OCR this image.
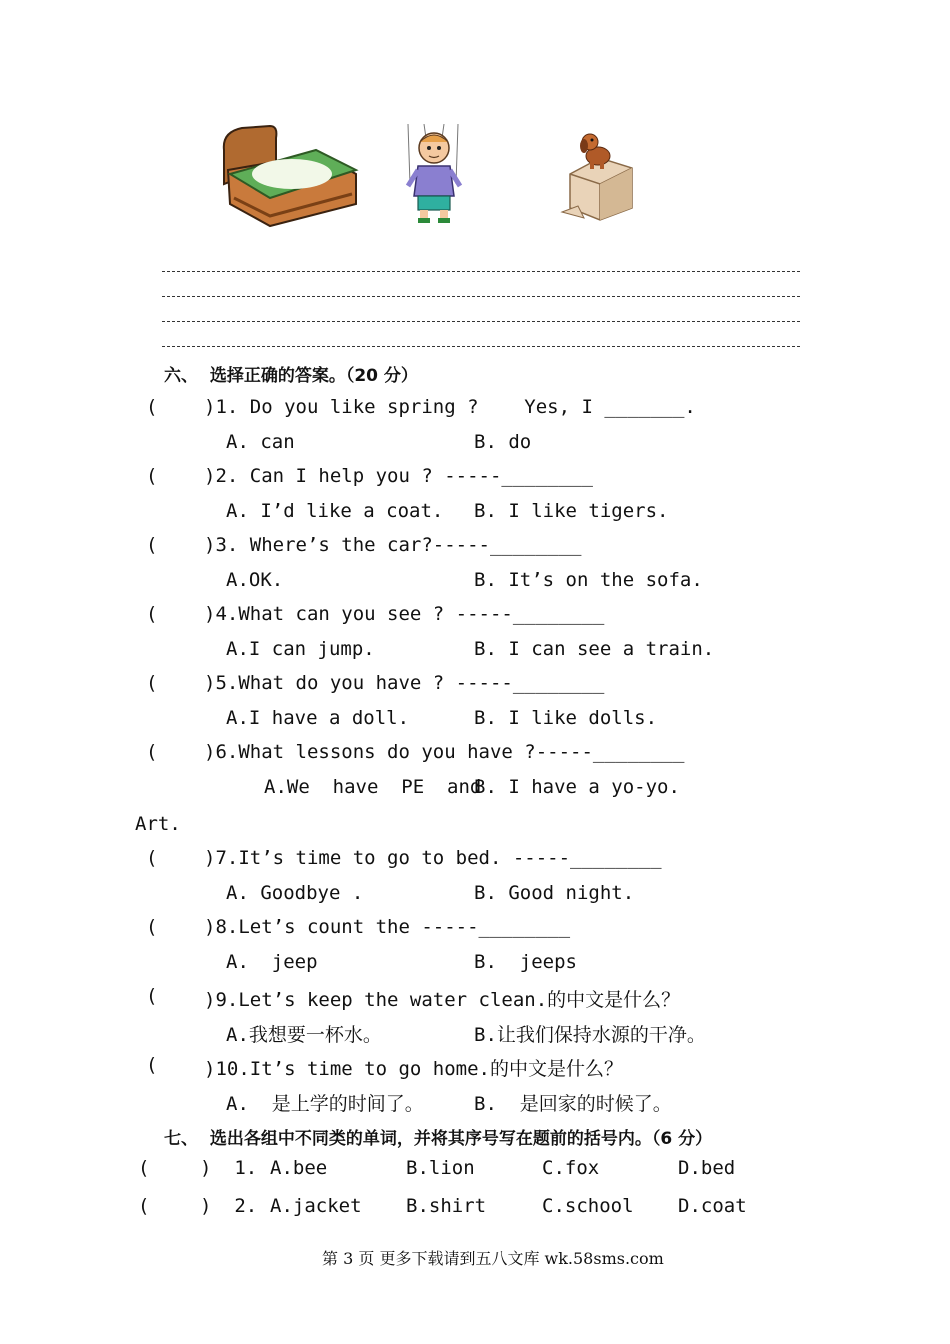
六、  选择正确的答案。（20 分）
( )1. Do you like spring ?    Yes, I _______.
A. can	B. do
( )2. Can I help you ? -----________
A. I’d like a coat. B. I like tigers.
( )3. Where’s the car?-----________
A.OK.	B. It’s on the sofa.
( )4.What can you see ? -----________
A.I can jump.	B. I can see a train.
( )5.What do you have ? -----________
A.I have a doll.	B. I like dolls.
( )6.What lessons do you have ?-----________
A.We  have  PE  and
B. I have a yo-yo.
Art.
( )7.It’s time to go to bed. -----________
A. Goodbye .	B. Good night.
( )8.Let’s count the -----________
A.  jeep	B.  jeeps
( )9.Let’s keep the water clean.的中文是什么？
A.我想要一杯水。	B.让我们保持水源的干净。
( )10.It’s time to go home.的中文是什么？
A.  是上学的时间了。	B.  是回家的时候了。
七、  选出各组中不同类的单词，并将其序号写在题前的括号内。（6 分）
(	)  1. A.bee	B.lion	C.fox	D.bed
(	)  2. A.jacket B.shirt	C.school D.coat
第 3 页 更多下载请到五八文库 wk.58sms.com
